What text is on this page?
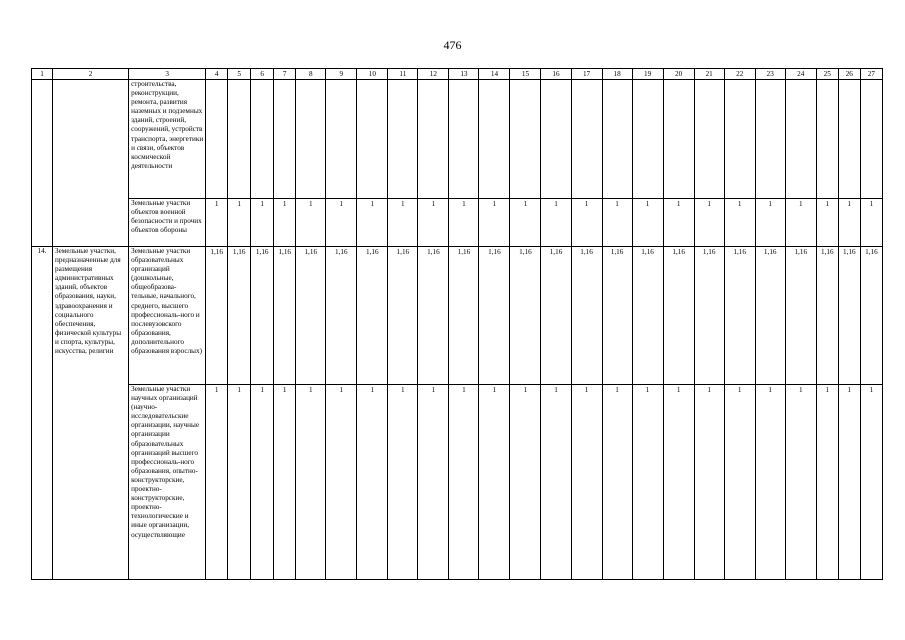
476
1	2	3	4	5	6	7	8	9	10	11	12	13	14	15	16	17	18	19	20	21	22	23	24	25	26	27
		строительства, реконструкции, ремонта, развития наземных и подземных зданий, строений, сооружений, устройств транспорта, энергетики и связи, объектов космической деятельности																								
		Земельные участки объектов военной безопасности и прочих объектов обороны	1	1	1	1	1	1	1	1	1	1	1	1	1	1	1	1	1	1	1	1	1	1	1	1
14.	Земельные участки, предназначенные для размещения административных зданий, объектов образования, науки, здравоохранения и социального обеспечения, физической культуры и спорта, культуры, искусства, религии	Земельные участки образовательных организаций (дошкольные, общеобразова-тельные, начального, среднего, высшего профессиональ-ного и послевузовского образования, дополнительного образования взрослых)	1,16	1,16	1,16	1,16	1,16	1,16	1,16	1,16	1,16	1,16	1,16	1,16	1,16	1,16	1,16	1,16	1,16	1,16	1,16	1,16	1,16	1,16	1,16	1,16
		Земельные участки научных организаций (научно-исследовательские организации, научные организации образовательных организаций высшего профессиональ-ного образования, опытно-конструкторские, проектно-конструкторские, проектно-технологические и иные организации, осуществляющие	1	1	1	1	1	1	1	1	1	1	1	1	1	1	1	1	1	1	1	1	1	1	1	1
